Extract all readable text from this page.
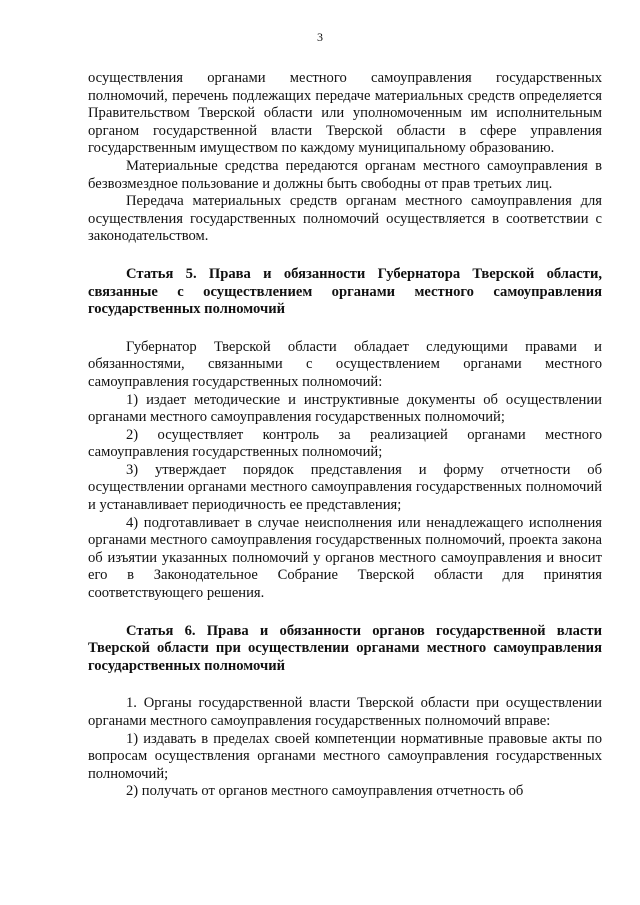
3

осуществления органами местного самоуправления государственных полномочий, перечень подлежащих передаче материальных средств определяется Правительством Тверской области или уполномоченным им исполнительным органом государственной власти Тверской области в сфере управления государственным имуществом по каждому муниципальному образованию.

Материальные средства передаются органам местного самоуправления в безвозмездное пользование и должны быть свободны от прав третьих лиц.

Передача материальных средств органам местного самоуправления для осуществления государственных полномочий осуществляется в соответствии с законодательством.

Статья 5. Права и обязанности Губернатора Тверской области, связанные с осуществлением органами местного самоуправления государственных полномочий

Губернатор Тверской области обладает следующими правами и обязанностями, связанными с осуществлением органами местного самоуправления государственных полномочий:

1) издает методические и инструктивные документы об осуществлении органами местного самоуправления государственных полномочий;

2) осуществляет контроль за реализацией органами местного самоуправления государственных полномочий;

3) утверждает порядок представления и форму отчетности об осуществлении органами местного самоуправления государственных полномочий и устанавливает периодичность ее представления;

4) подготавливает в случае неисполнения или ненадлежащего исполнения органами местного самоуправления государственных полномочий, проекта закона об изъятии указанных полномочий у органов местного самоуправления и вносит его в Законодательное Собрание Тверской области для принятия соответствующего решения.

Статья 6. Права и обязанности органов государственной власти Тверской области при осуществлении органами местного самоуправления государственных полномочий

1. Органы государственной власти Тверской области при осуществлении органами местного самоуправления государственных полномочий вправе:

1) издавать в пределах своей компетенции нормативные правовые акты по вопросам осуществления органами местного самоуправления государственных полномочий;

2) получать от органов местного самоуправления отчетность об
